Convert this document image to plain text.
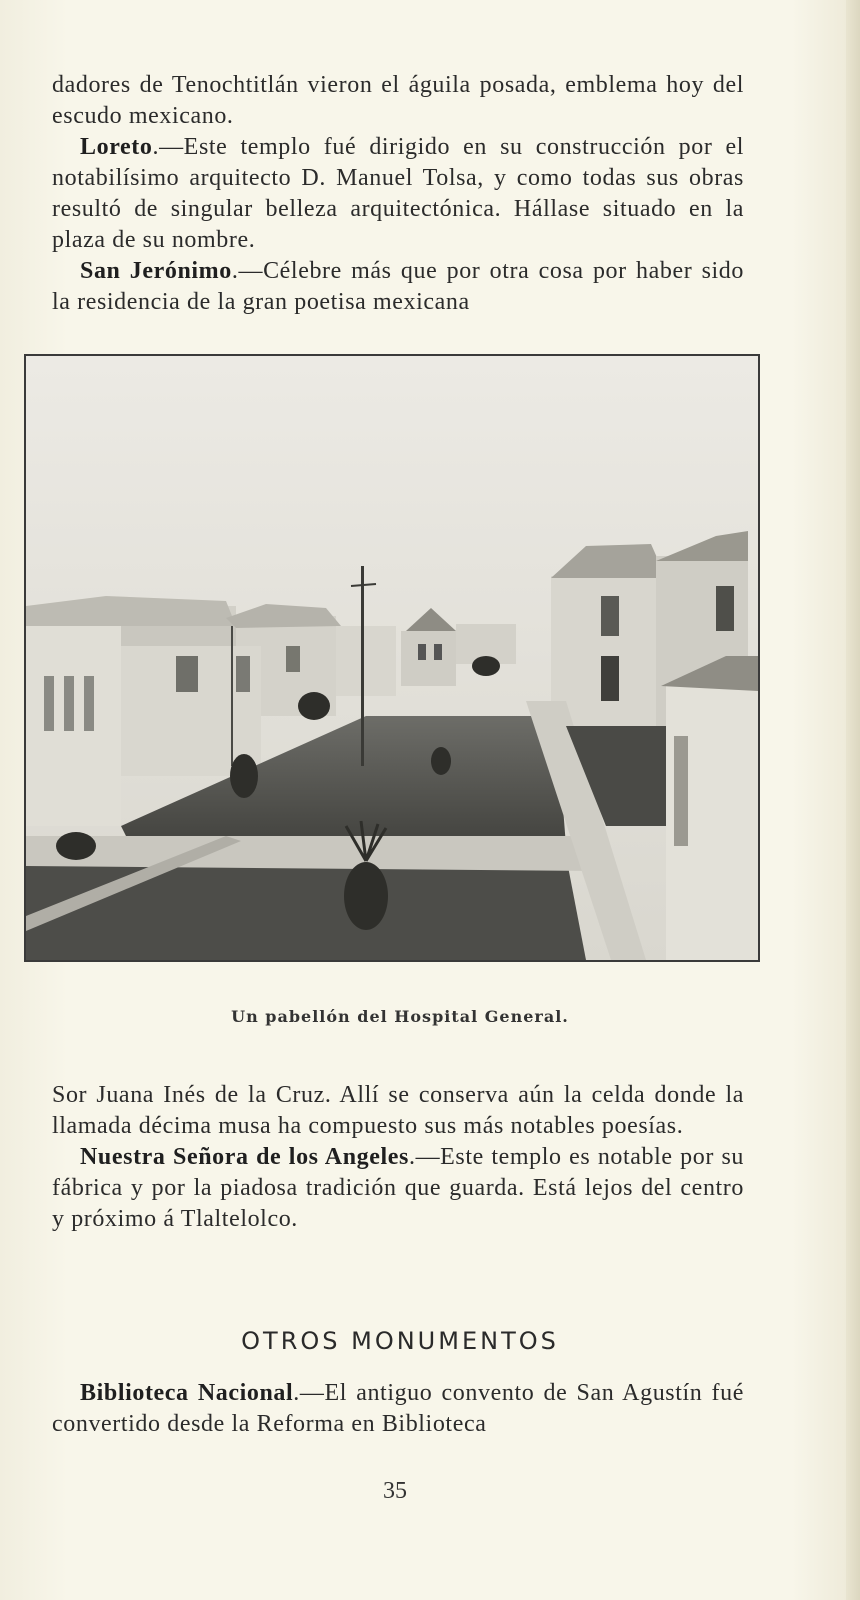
dadores de Tenochtitlán vieron el águila posada, emblema hoy del escudo mexicano.

Loreto.—Este templo fué dirigido en su construcción por el notabilísimo arquitecto D. Manuel Tolsa, y como todas sus obras resultó de singular belleza arquitectónica. Hállase situado en la plaza de su nombre.

San Jerónimo.—Célebre más que por otra cosa por haber sido la residencia de la gran poetisa mexicana

Un pabellón del Hospital General.

Sor Juana Inés de la Cruz. Allí se conserva aún la celda donde la llamada décima musa ha compuesto sus más notables poesías.

Nuestra Señora de los Angeles.—Este templo es notable por su fábrica y por la piadosa tradición que guarda. Está lejos del centro y próximo á Tlaltelolco.

OTROS MONUMENTOS

Biblioteca Nacional.—El antiguo convento de San Agustín fué convertido desde la Reforma en Biblioteca

35
